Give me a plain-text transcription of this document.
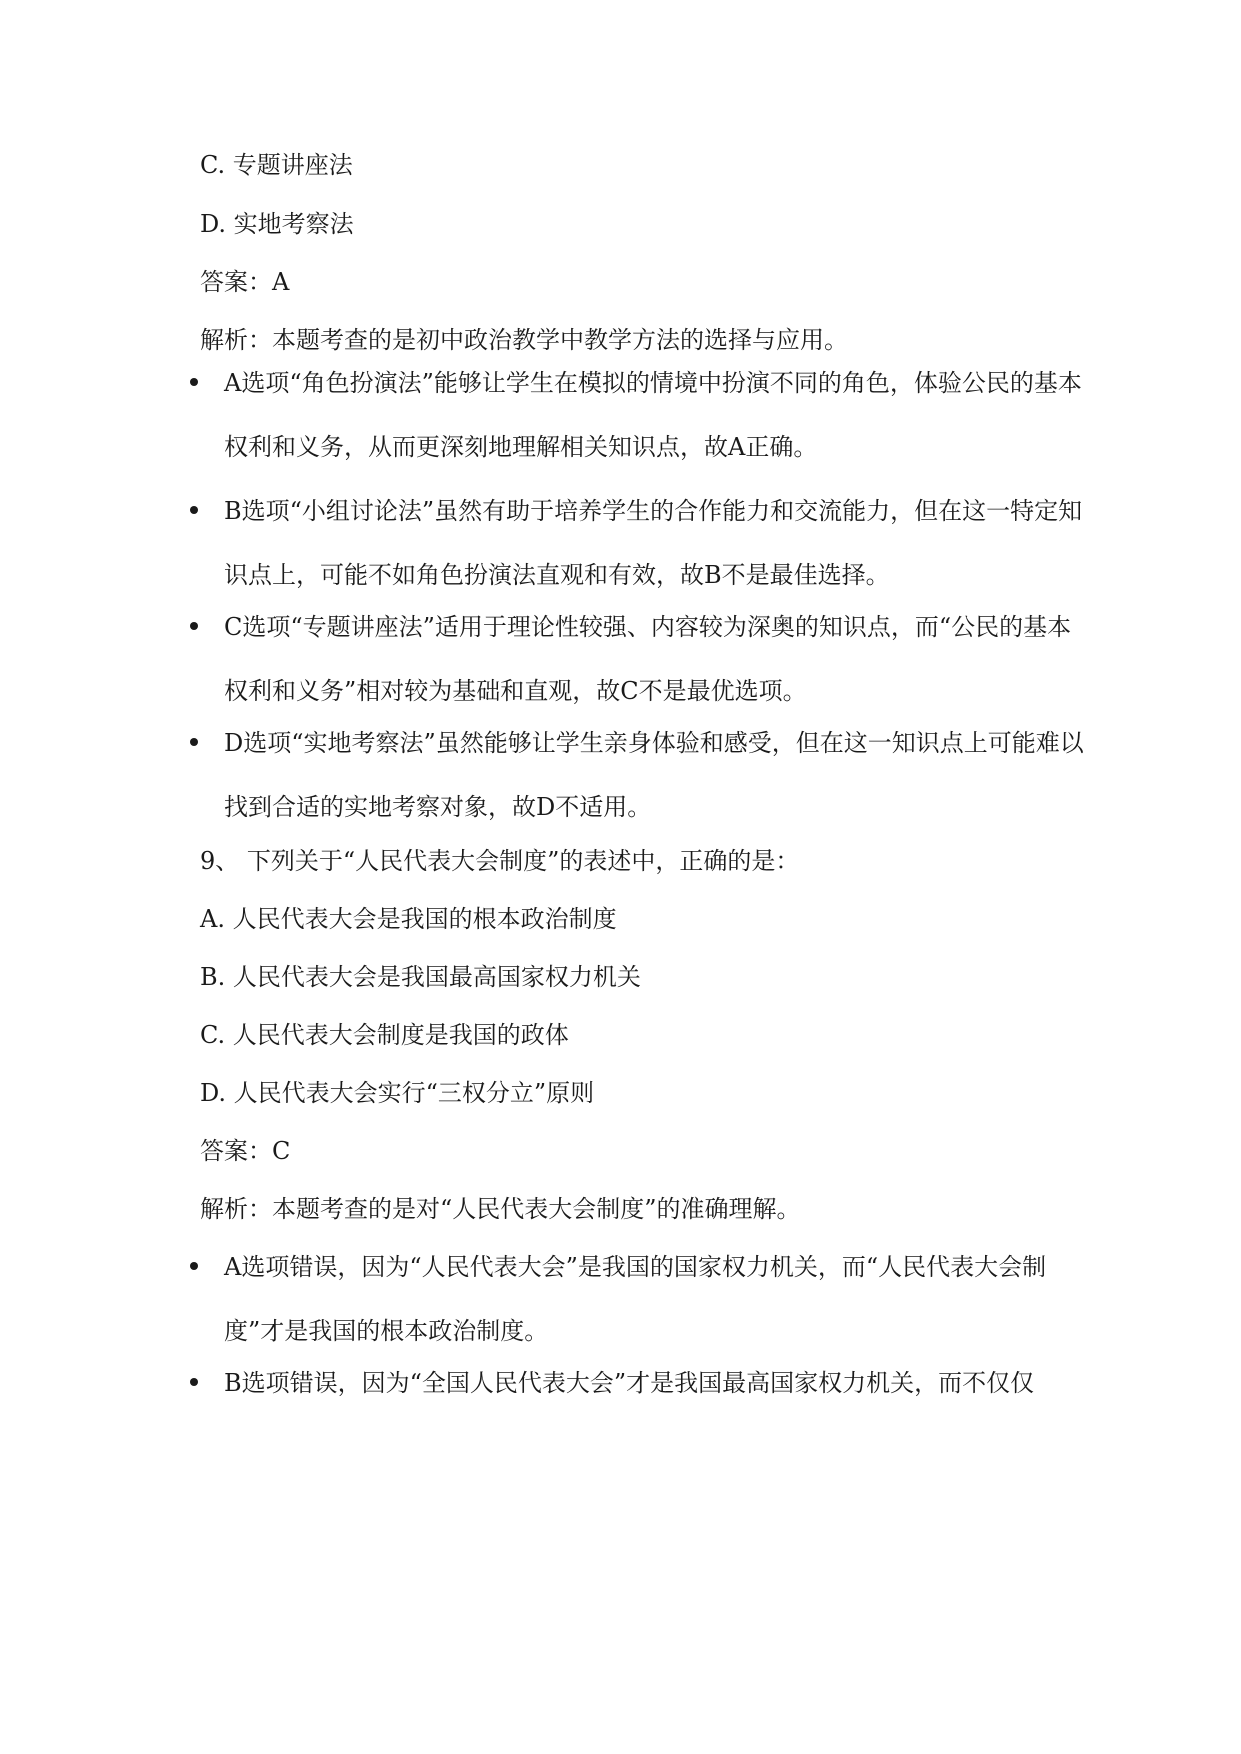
C. 专题讲座法
D. 实地考察法
答案：A
解析：本题考查的是初中政治教学中教学方法的选择与应用。
A选项“角色扮演法”能够让学生在模拟的情境中扮演不同的角色，体验公民的基本权利和义务，从而更深刻地理解相关知识点，故A正确。
B选项“小组讨论法”虽然有助于培养学生的合作能力和交流能力，但在这一特定知识点上，可能不如角色扮演法直观和有效，故B不是最佳选择。
C选项“专题讲座法”适用于理论性较强、内容较为深奥的知识点，而“公民的基本权利和义务”相对较为基础和直观，故C不是最优选项。
D选项“实地考察法”虽然能够让学生亲身体验和感受，但在这一知识点上可能难以找到合适的实地考察对象，故D不适用。
9、 下列关于“人民代表大会制度”的表述中，正确的是：
A. 人民代表大会是我国的根本政治制度
B. 人民代表大会是我国最高国家权力机关
C. 人民代表大会制度是我国的政体
D. 人民代表大会实行“三权分立”原则
答案：C
解析：本题考查的是对“人民代表大会制度”的准确理解。
A选项错误，因为“人民代表大会”是我国的国家权力机关，而“人民代表大会制度”才是我国的根本政治制度。
B选项错误，因为“全国人民代表大会”才是我国最高国家权力机关，而不仅仅
